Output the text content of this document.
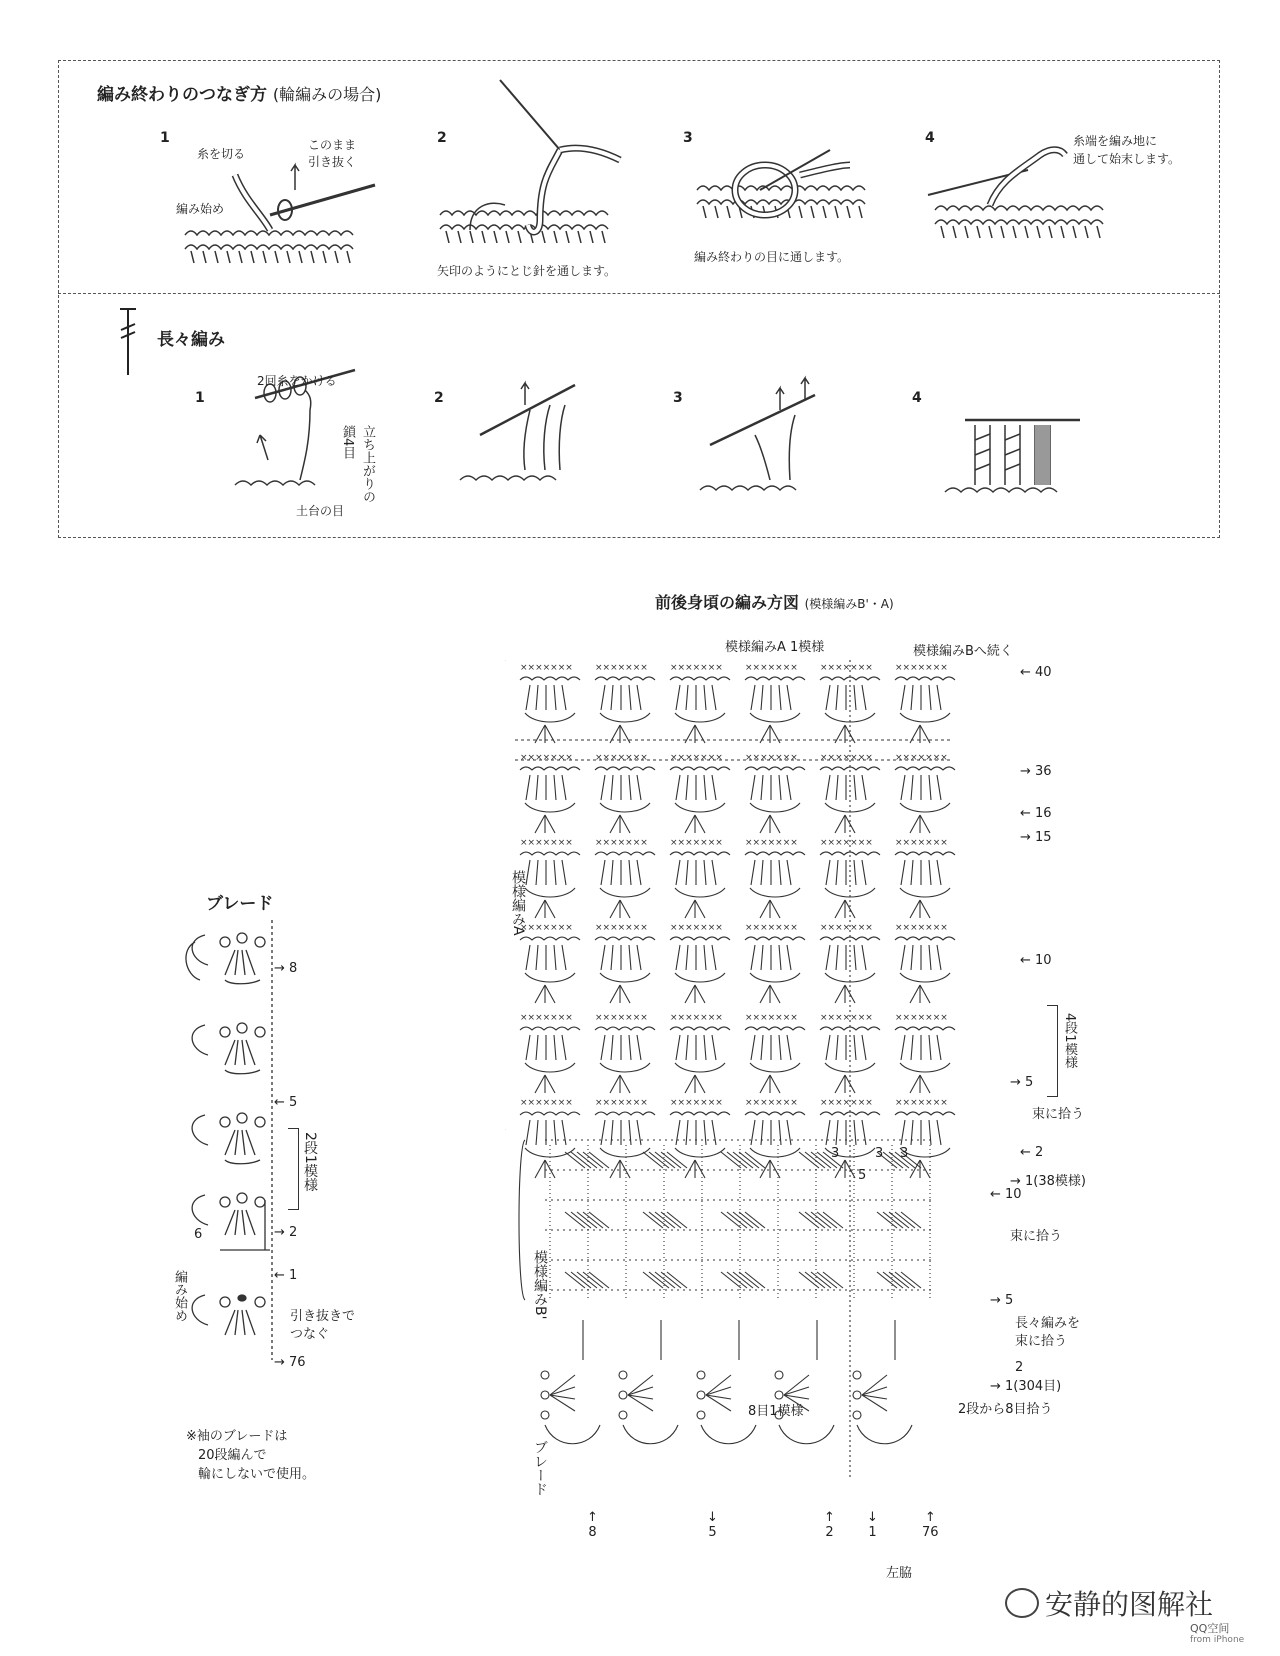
編み終わりのつなぎ方 (輪編みの場合)
1	2	3	4
糸を切る
このまま
引き抜く
編み始め
矢印のようにとじ針を通します。
編み終わりの目に通します。
糸端を編み地に
通して始末します。
長々編み
1	2	3	4
2回糸をかける
立ち上がりの
鎖4目
土台の目
ブレード
→ 8
← 5
→ 2
← 1
→ 76
2段1模様
編み始め	引き抜きで
つなぐ
6
※袖のブレードは
20段編んで
輪にしないで使用。
前後身頃の編み方図 (模様編みB'・A)
模様編みA 1模様	模様編みBへ続く
××××××× ××××××× ××××××× ××××××× ××××××× ×××××××
××××××× ××××××× ××××××× ××××××× ××××××× ×××××××
××××××× ××××××× ××××××× ××××××× ××××××× ×××××××
××××××× ××××××× ××××××× ××××××× ××××××× ×××××××
××××××× ××××××× ××××××× ××××××× ××××××× ×××××××
××××××× ××××××× ××××××× ××××××× ××××××× ×××××××
← 40
→ 36
← 16
→ 15
← 10
4段1模様
→ 5
束に拾う
← 2
→ 1(38模様)
← 10
束に拾う
→ 5
長々編みを
束に拾う
2
→ 1(304目)
模様編みA
模様編みB'
ブレード
8目1模様	2段から8目拾う
3	3
5
3
↑
8
↓
5
↑
2
↓
1
↑
76
左脇
安静的图解社
QQ空间
from iPhone
